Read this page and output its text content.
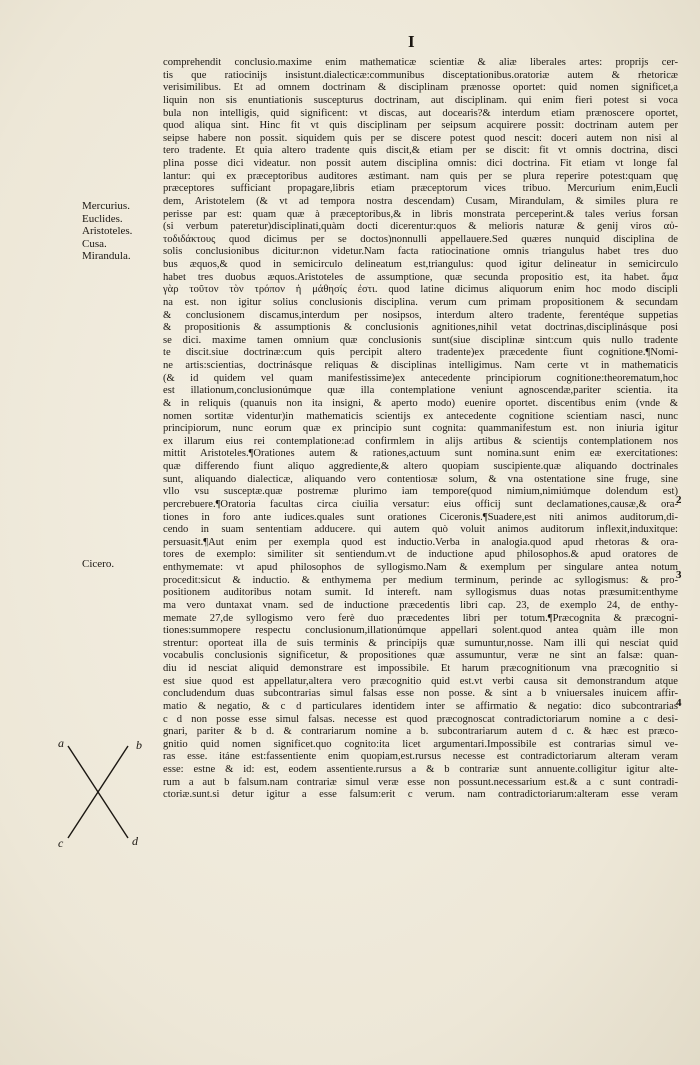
I
Mercurius.
Euclides.
Aristoteles.
Cusa.
Mirandula.
Cicero.
2
3
4
a	b
c	d
comprehendit conclusio.maxime enim mathematicæ scientiæ & aliæ liberales artes: proprijs cer-
tis que ratiocinijs insistunt.dialecticæ:communibus disceptationibus.oratoriæ autem & rhetoricæ
verisimilibus. Et ad omnem doctrinam & disciplinam prænosse oportet: quid nomen significet,a
liquin non sis enuntiationis suscepturus doctrinam, aut disciplinam. qui enim fieri potest si voca
bula non intelligis, quid significent: vt discas, aut docearis?& interdum etiam prænoscere oportet,
quod aliqua sint. Hinc fit vt quis disciplinam per seipsum acquirere possit: doctrinam autem per
seipse habere non possit. siquidem quis per se discere potest quod nescit: doceri autem non nisi al
tero tradente. Et quia altero tradente quis discit,& etiam per se discit: fit vt omnis doctrina, disci
plina posse dici videatur. non possit autem disciplina omnis: dici doctrina. Fit etiam vt longe fal
lantur: qui ex præceptoribus auditores æstimant. nam quis per se plura reperire potest:quam quę
præceptores sufficiant propagare,libris etiam præceptorum vices tribuo. Mercurium enim,Eucli
dem, Aristotelem (& vt ad tempora nostra descendam) Cusam, Mirandulam, & similes plura re
perisse par est: quam quæ à præceptoribus,& in libris monstrata perceperint.& tales verius forsan
(si verbum pateretur)disciplinati,quàm docti dicerentur:quos & melioris naturæ & genij viros αὐ-
τοδιδάκτους quod dicimus per se doctos)nonnulli appellauere.Sed quæres nunquid disciplina de
solis conclusionibus dicitur:non videtur.Nam facta ratiocinatione omnis triangulus habet tres duo
bus æquos,& quod in semicirculo delineatum est,triangulus: quod igitur delineatur in semicirculo
habet tres duobus æquos.Aristoteles de assumptione, quæ secunda propositio est, ita habet. ἅμα
γὰρ τοῦτον τὸν τρόπον ἡ μάθησίς ἐστι. quod latine dicimus aliquorum enim hoc modo discipli
na est. non igitur solius conclusionis disciplina. verum cum primam propositionem & secundam
& conclusionem discamus,interdum per nosipsos, interdum altero tradente, ferentéque suppetias
& propositionis & assumptionis & conclusionis agnitiones,nihil vetat doctrinas,disciplinásque posi
se dici. maxime tamen omnium quæ conclusionis sunt(siue disciplinæ sint:cum quis nullo tradente
te discit.siue doctrinæ:cum quis percipit altero tradente)ex præcedente fiunt cognitione.¶Nomi-
ne artis:scientias, doctrinásque reliquas & disciplinas intelligimus. Nam certe vt in mathematicis
(& id quidem vel quam manifestissime)ex antecedente principiorum cognitione:theorematum,hoc
est illationum,conclusionúmque quæ illa contemplatione veniunt agnoscendæ,pariter scientia. ita
& in reliquis (quanuis non ita insigni, & aperto modo) euenire oportet. discentibus enim (vnde &
nomen sortitæ videntur)in mathematicis scientijs ex antecedente cognitione scientiam nasci, nunc
principiorum, nunc eorum quæ ex principio sunt cognita: quammanifestum est. non iniuria igitur
ex illarum eius rei contemplatione:ad confirmlem in alijs artibus & scientijs contemplationem nos
mittit Aristoteles.¶Orationes autem & rationes,actuum sunt nomina.sunt enim eæ exercitationes:
quæ differendo fiunt aliquo aggrediente,& altero quopiam suscipiente.quæ aliquando doctrinales
sunt, aliquando dialecticæ, aliquando vero contentiosæ solum, & vna ostentatione sine fruge, sine
vllo vsu susceptæ.quæ postremæ plurimo iam tempore(quod nimium,nimiúmque dolendum est)
percrebuere.¶Oratoria facultas circa ciuilia versatur: eius officij sunt declamationes,causæ,& ora-
tiones in foro ante iudices.quales sunt orationes Ciceronis.¶Suadere,est niti animos auditorum,di-
cendo in suam sententiam adducere. qui autem quò voluit animos auditorum inflexit,induxitque:
persuasit.¶Aut enim per exempla quod est inductio.Verba in analogia.quod apud rhetoras & ora-
tores de exemplo: similiter sit sentiendum.vt de inductione apud philosophos.& apud oratores de
enthymemate: vt apud philosophos de syllogismo.Nam & exemplum per singulare antea notum
procedit:sicut & inductio. & enthymema per medium terminum, perinde ac syllogismus: & pro-
positionem auditoribus notam sumit. Id intereft. nam syllogismus duas notas præsumit:enthyme
ma vero duntaxat vnam. sed de inductione præcedentis libri cap. 23, de exemplo 24, de enthy-
memate 27,de syllogismo vero ferè duo præcedentes libri per totum.¶Præcognita & præcogni-
tiones:summopere respectu conclusionum,illationúmque appellari solent.quod antea quàm ille mon
strentur: oporteat illa de suis terminis & principijs quæ sumuntur,nosse. Nam illi qui nesciat quid
vocabulis conclusionis significetur, & propositiones quæ assumuntur, veræ ne sint an falsæ: quan-
diu id nesciat aliquid demonstrare est impossibile. Et harum præcognitionum vna præcognitio si
est siue quod est appellatur,altera vero præcognitio quid est.vt verbi causa sit demonstrandum atque
concludendum duas subcontrarias simul falsas esse non posse. & sint a b vniuersales inuicem affir-
matio & negatio, & c d particulares identidem inter se affirmatio & negatio: dico subcontrarias
c d non posse esse simul falsas. necesse est quod præcognoscat contradictoriarum nomine a c desi-
gnari, pariter & b d. & contrariarum nomine a b. subcontrariarum autem d c. & hæc est præco-
gnitio quid nomen significet.quo cognito:ita licet argumentari.Impossibile est contrarias simul ve-
ras esse. itáne est:fassentiente enim quopiam,est.rursus necesse est contradictoriarum alteram veram
esse: estne & id: est, eodem assentiente.rursus a & b contrariæ sunt annuente.colligitur igitur alte-
rum a aut b falsum.nam contrariæ simul veræ esse non possunt.necessarium est.& a c sunt contradi-
ctoriæ.sunt.si detur igitur a esse falsum:erit c verum. nam contradictoriarum:alteram esse veram
